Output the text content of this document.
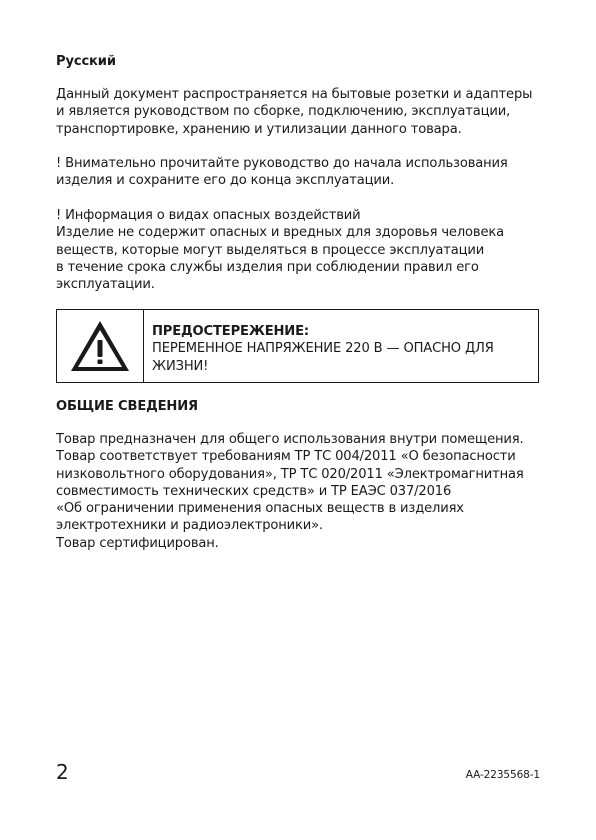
Русский

Данный документ распространяется на бытовые розетки и адаптеры
и является руководством по сборке, подключению, эксплуатации,
транспортировке, хранению и утилизации данного товара.

! Внимательно прочитайте руководство до начала использования
изделия и сохраните его до конца эксплуатации.

! Информация о видах опасных воздействий
Изделие не содержит опасных и вредных для здоровья человека
веществ, которые могут выделяться в процессе эксплуатации
в течение срока службы изделия при соблюдении правил его
эксплуатации.

ПРЕДОСТЕРЕЖЕНИЕ:
ПЕРЕМЕННОЕ НАПРЯЖЕНИЕ 220 В — ОПАСНО ДЛЯ
ЖИЗНИ!

ОБЩИЕ СВЕДЕНИЯ

Товар предназначен для общего использования внутри помещения.
Товар соответствует требованиям ТР ТС 004/2011 «О безопасности
низковольтного оборудования», ТР ТС 020/2011 «Электромагнитная
совместимость технических средств» и ТР ЕАЭС 037/2016
«Об ограничении применения опасных веществ в изделиях
электротехники и радиоэлектроники».
Товар сертифицирован.

2	AA-2235568-1
